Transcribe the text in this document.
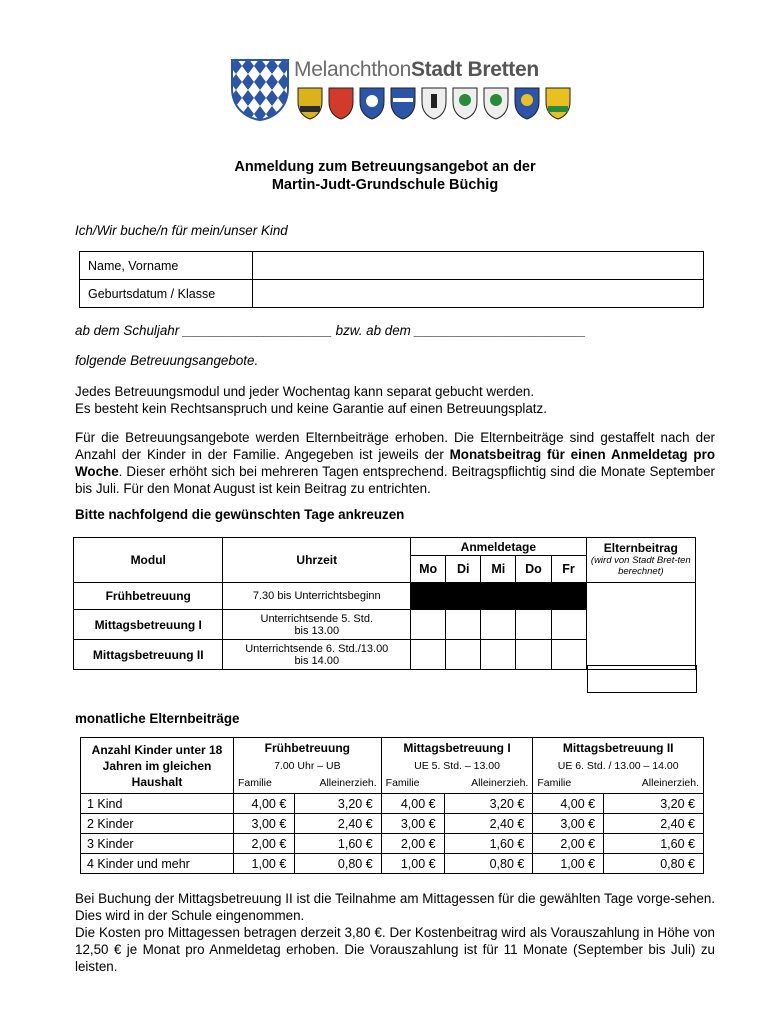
MelanchthonStadt Bretten
Anmeldung zum Betreuungsangebot an der
Martin-Judt-Grundschule Büchig
Ich/Wir buche/n für mein/unser Kind
Name, Vorname	
Geburtsdatum / Klasse	
ab dem Schuljahr ____________________ bzw. ab dem _______________________
folgende Betreuungsangebote.
Jedes Betreuungsmodul und jeder Wochentag kann separat gebucht werden.
Es besteht kein Rechtsanspruch und keine Garantie auf einen Betreuungsplatz.
Für die Betreuungsangebote werden Elternbeiträge erhoben. Die Elternbeiträge sind gestaffelt nach der Anzahl der Kinder in der Familie. Angegeben ist jeweils der Monatsbeitrag für einen Anmeldetag pro Woche. Dieser erhöht sich bei mehreren Tagen entsprechend. Beitragspflichtig sind die Monate September bis Juli. Für den Monat August ist kein Beitrag zu entrichten.
Bitte nachfolgend die gewünschten Tage ankreuzen
Modul	Uhrzeit	Anmeldetage					Elternbeitrag
(wird von Stadt Bret-ten berechnet)

		Mo	Di	Mi	Do	Fr	
Frühbetreuung	7.30 bis Unterrichtsbeginn						
Mittagsbetreuung I	Unterrichtsende 5. Std.
bis 13.00						

Mittagsbetreuung II	Unterrichtsende 6. Std./13.00
bis 14.00						

monatliche Elternbeiträge
Anzahl Kinder unter 18 Jahren im gleichen Haushalt	Frühbetreuung		Mittagsbetreuung I		Mittagsbetreuung II	
	7.00 Uhr – UB		UE 5. Std. – 13.00		UE 6. Std. / 13.00 – 14.00	
	Familie	Alleinerzieh.	Familie	Alleinerzieh.	Familie	Alleinerzieh.
1 Kind	4,00 €	3,20 €	4,00 €	3,20 €	4,00 €	3,20 €
2 Kinder	3,00 €	2,40 €	3,00 €	2,40 €	3,00 €	2,40 €
3 Kinder	2,00 €	1,60 €	2,00 €	1,60 €	2,00 €	1,60 €
4 Kinder und mehr	1,00 €	0,80 €	1,00 €	0,80 €	1,00 €	0,80 €
Bei Buchung der Mittagsbetreuung II ist die Teilnahme am Mittagessen für die gewählten Tage vorge-sehen. Dies wird in der Schule eingenommen.
Die Kosten pro Mittagessen betragen derzeit 3,80 €. Der Kostenbeitrag wird als Vorauszahlung in Höhe von 12,50 € je Monat pro Anmeldetag erhoben. Die Vorauszahlung ist für 11 Monate (September bis Juli) zu leisten.
